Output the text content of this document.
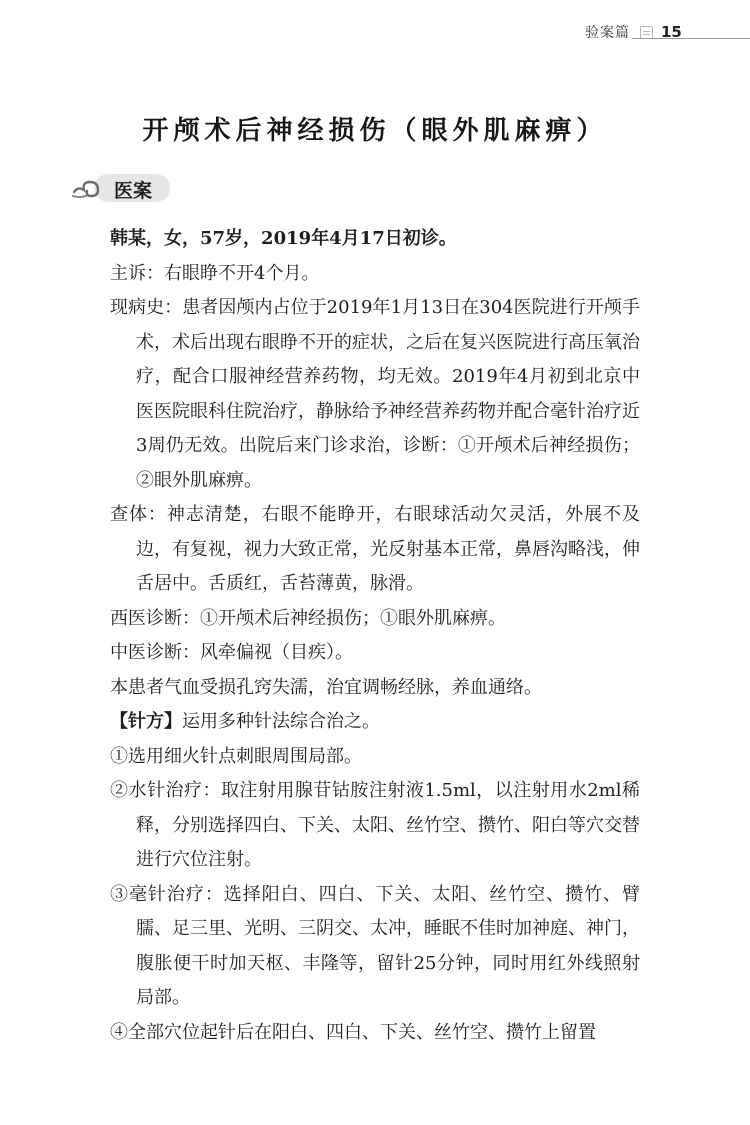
验案篇 15
开颅术后神经损伤（眼外肌麻痹）
医案

韩某，女，57岁，2019年4月17日初诊。

主诉：右眼睁不开4个月。

现病史：患者因颅内占位于2019年1月13日在304医院进行开颅手术，术后出现右眼睁不开的症状，之后在复兴医院进行高压氧治疗，配合口服神经营养药物，均无效。2019年4月初到北京中医医院眼科住院治疗，静脉给予神经营养药物并配合毫针治疗近3周仍无效。出院后来门诊求治，诊断：①开颅术后神经损伤；②眼外肌麻痹。

查体：神志清楚，右眼不能睁开，右眼球活动欠灵活，外展不及边，有复视，视力大致正常，光反射基本正常，鼻唇沟略浅，伸舌居中。舌质红，舌苔薄黄，脉滑。

西医诊断：①开颅术后神经损伤；①眼外肌麻痹。

中医诊断：风牵偏视（目疾）。

本患者气血受损孔窍失濡，治宜调畅经脉，养血通络。

【针方】运用多种针法综合治之。

①选用细火针点刺眼周围局部。

②水针治疗：取注射用腺苷钴胺注射液1.5ml，以注射用水2ml稀释，分别选择四白、下关、太阳、丝竹空、攒竹、阳白等穴交替进行穴位注射。

③毫针治疗：选择阳白、四白、下关、太阳、丝竹空、攒竹、臂臑、足三里、光明、三阴交、太冲，睡眠不佳时加神庭、神门，腹胀便干时加天枢、丰隆等，留针25分钟，同时用红外线照射局部。

④全部穴位起针后在阳白、四白、下关、丝竹空、攒竹上留置
